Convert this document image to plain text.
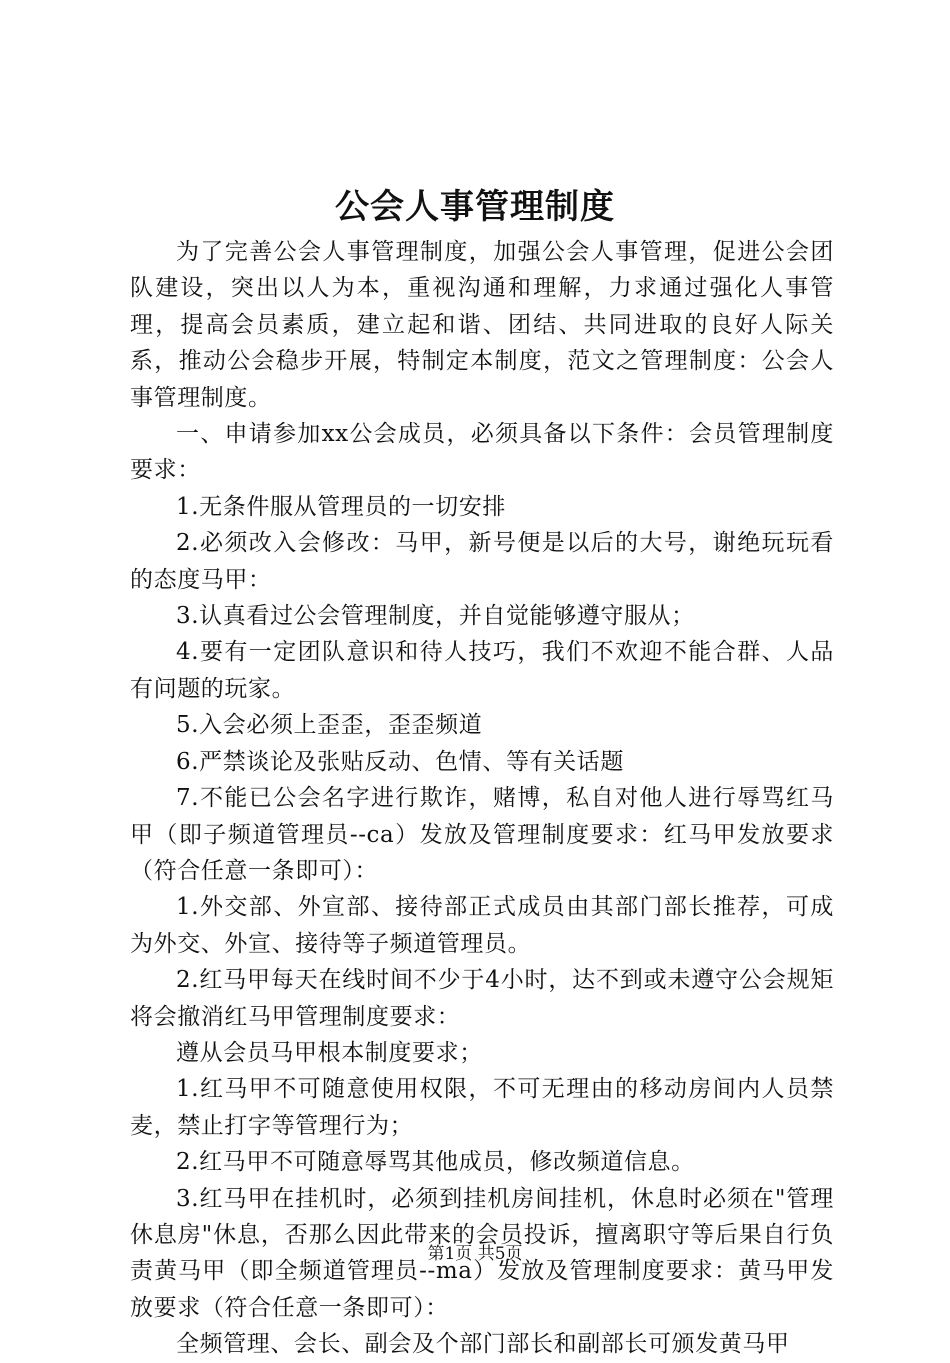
公会人事管理制度

为了完善公会人事管理制度，加强公会人事管理，促进公会团队建设，突出以人为本，重视沟通和理解，力求通过强化人事管理，提高会员素质，建立起和谐、团结、共同进取的良好人际关系，推动公会稳步开展，特制定本制度，范文之管理制度：公会人事管理制度。

一、申请参加xx公会成员，必须具备以下条件：会员管理制度要求：

1.无条件服从管理员的一切安排

2.必须改入会修改：马甲，新号便是以后的大号，谢绝玩玩看的态度马甲：

3.认真看过公会管理制度，并自觉能够遵守服从；

4.要有一定团队意识和待人技巧，我们不欢迎不能合群、人品有问题的玩家。

5.入会必须上歪歪，歪歪频道

6.严禁谈论及张贴反动、色情、等有关话题

7.不能已公会名字进行欺诈，赌博，私自对他人进行辱骂红马甲（即子频道管理员--ca）发放及管理制度要求：红马甲发放要求（符合任意一条即可）：

1.外交部、外宣部、接待部正式成员由其部门部长推荐，可成为外交、外宣、接待等子频道管理员。

2.红马甲每天在线时间不少于4小时，达不到或未遵守公会规矩将会撤消红马甲管理制度要求：

遵从会员马甲根本制度要求；

1.红马甲不可随意使用权限，不可无理由的移动房间内人员禁麦，禁止打字等管理行为；

2.红马甲不可随意辱骂其他成员，修改频道信息。

3.红马甲在挂机时，必须到挂机房间挂机，休息时必须在"管理休息房"休息，否那么因此带来的会员投诉，擅离职守等后果自行负责黄马甲（即全频道管理员--ma）发放及管理制度要求：黄马甲发放要求（符合任意一条即可）：

全频管理、会长、副会及个部门部长和副部长可颁发黄马甲

第1页 共5页
